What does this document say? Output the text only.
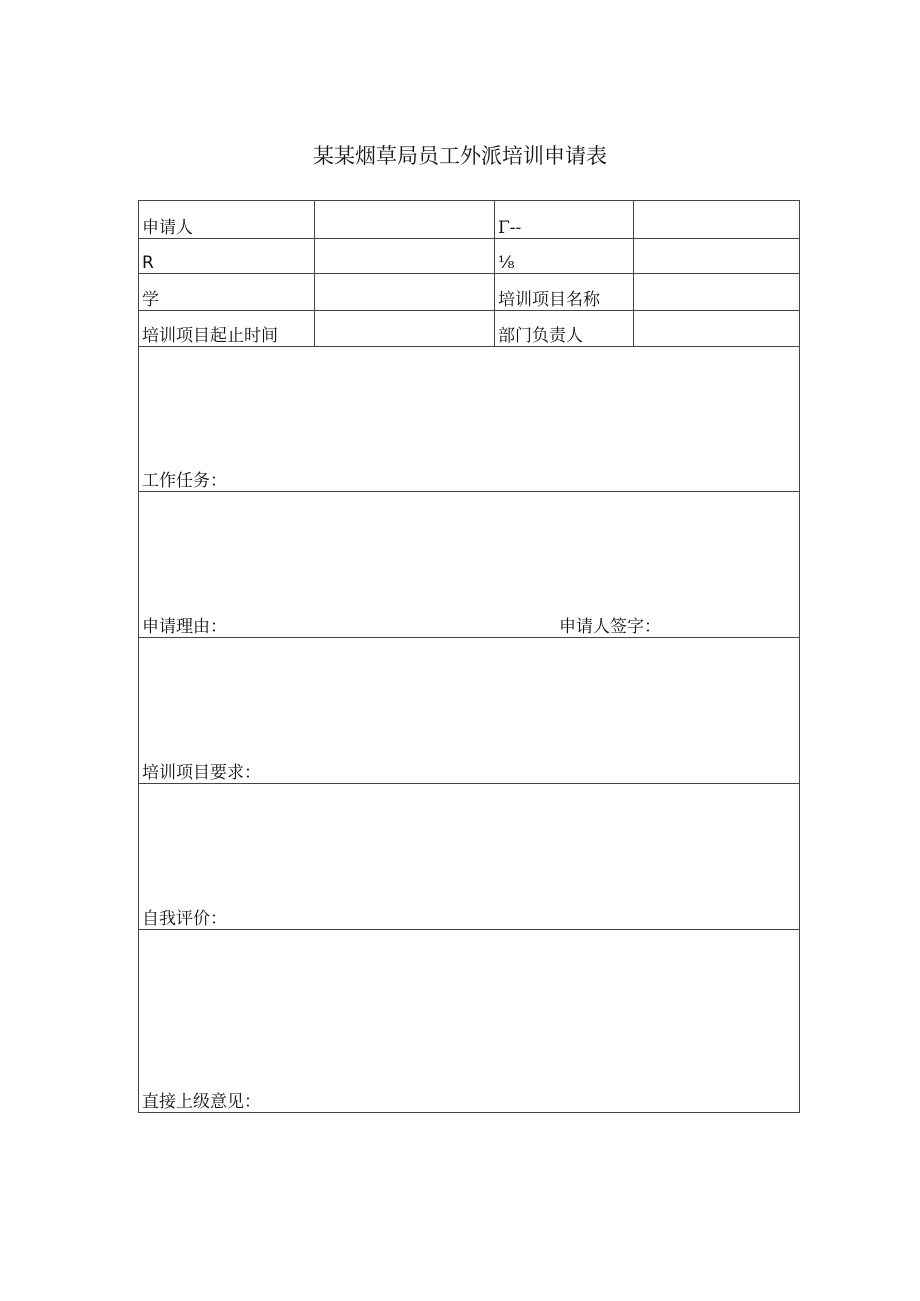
某某烟草局员工外派培训申请表
申请人		Γ--	
R		⅛	
学		培训项目名称	
培训项目起止时间		部门负责人	
工作任务：			
申请理由： 申请人签字：			

培训项目要求：			
自我评价：			
直接上级意见：			
